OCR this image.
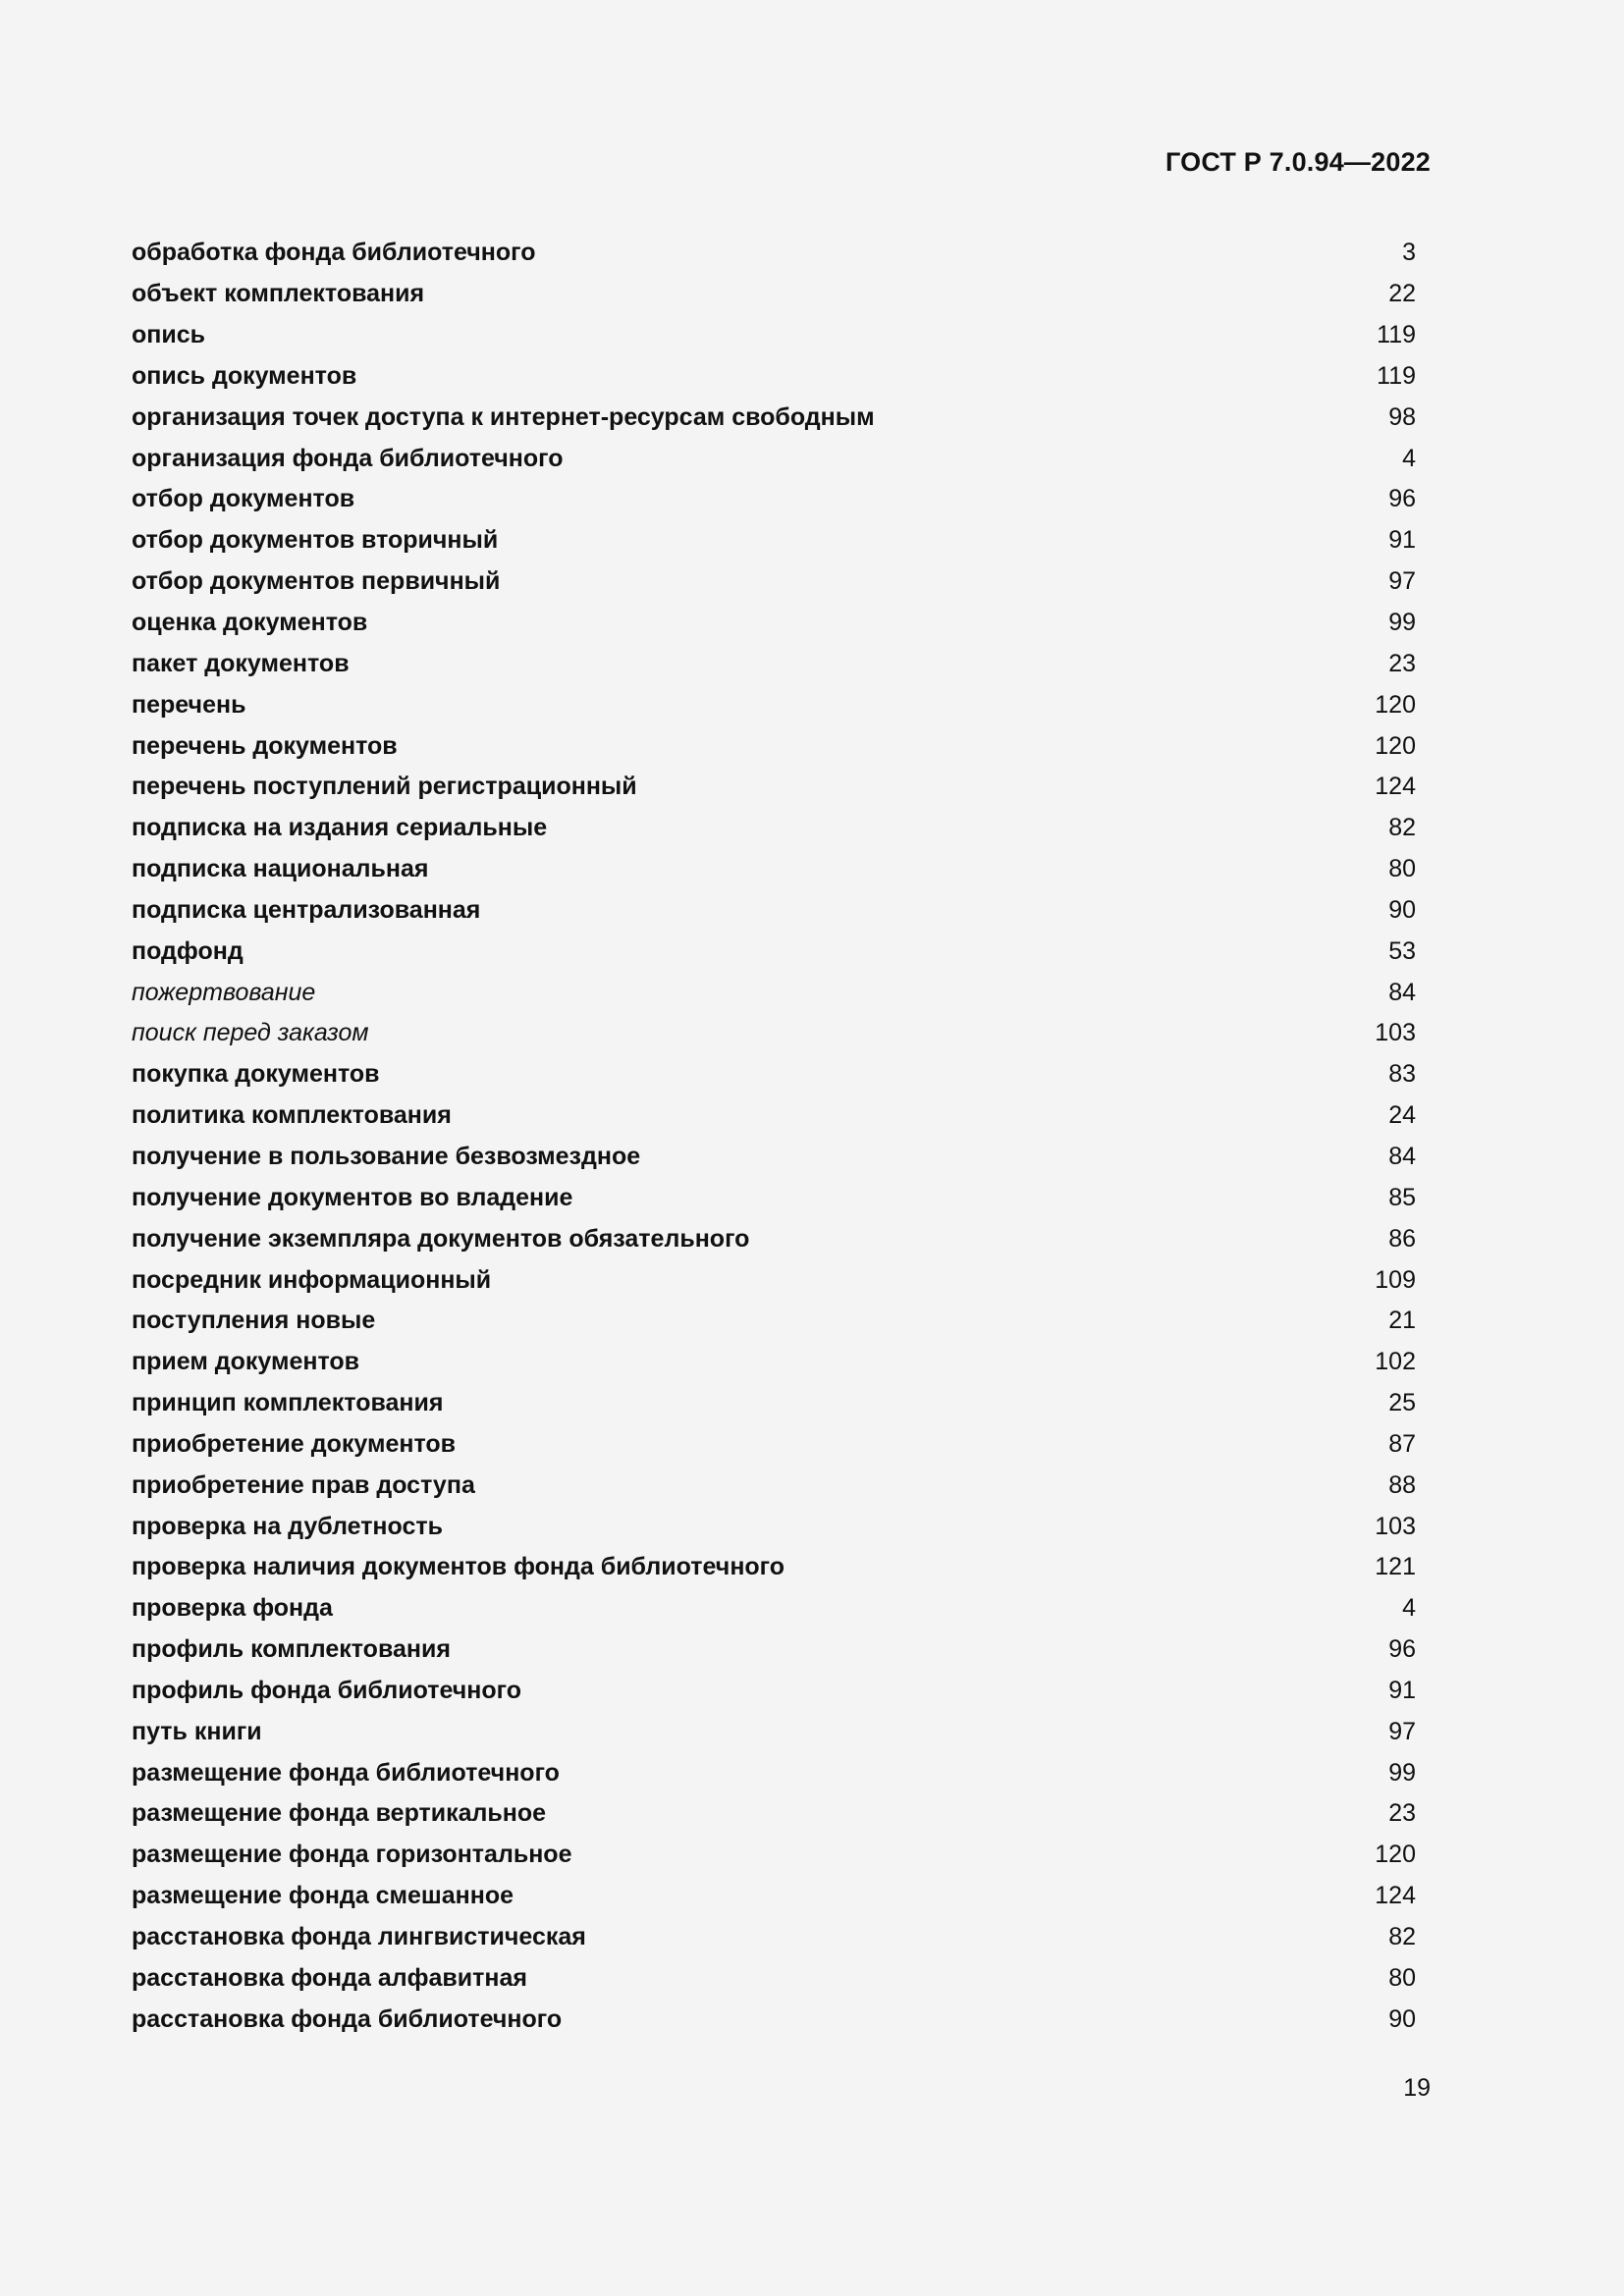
ГОСТ Р 7.0.94—2022
обработка фонда библиотечного	3
объект комплектования	22
опись	119
опись документов	119
организация точек доступа к интернет-ресурсам свободным	98
организация фонда библиотечного	4
отбор документов	96
отбор документов вторичный	91
отбор документов первичный	97
оценка документов	99
пакет документов	23
перечень	120
перечень документов	120
перечень поступлений регистрационный	124
подписка на издания сериальные	82
подписка национальная	80
подписка централизованная	90
подфонд	53
пожертвование	84
поиск перед заказом	103
покупка документов	83
политика комплектования	24
получение в пользование безвозмездное	84
получение документов во владение	85
получение экземпляра документов обязательного	86
посредник информационный	109
поступления новые	21
прием документов	102
принцип комплектования	25
приобретение документов	87
приобретение прав доступа	88
проверка на дублетность	103
проверка наличия документов фонда библиотечного	121
проверка фонда	4
профиль комплектования	96
профиль фонда библиотечного	91
путь книги	97
размещение фонда библиотечного	99
размещение фонда вертикальное	23
размещение фонда горизонтальное	120
размещение фонда смешанное	124
расстановка фонда лингвистическая	82
расстановка фонда алфавитная	80
расстановка фонда библиотечного	90
19
